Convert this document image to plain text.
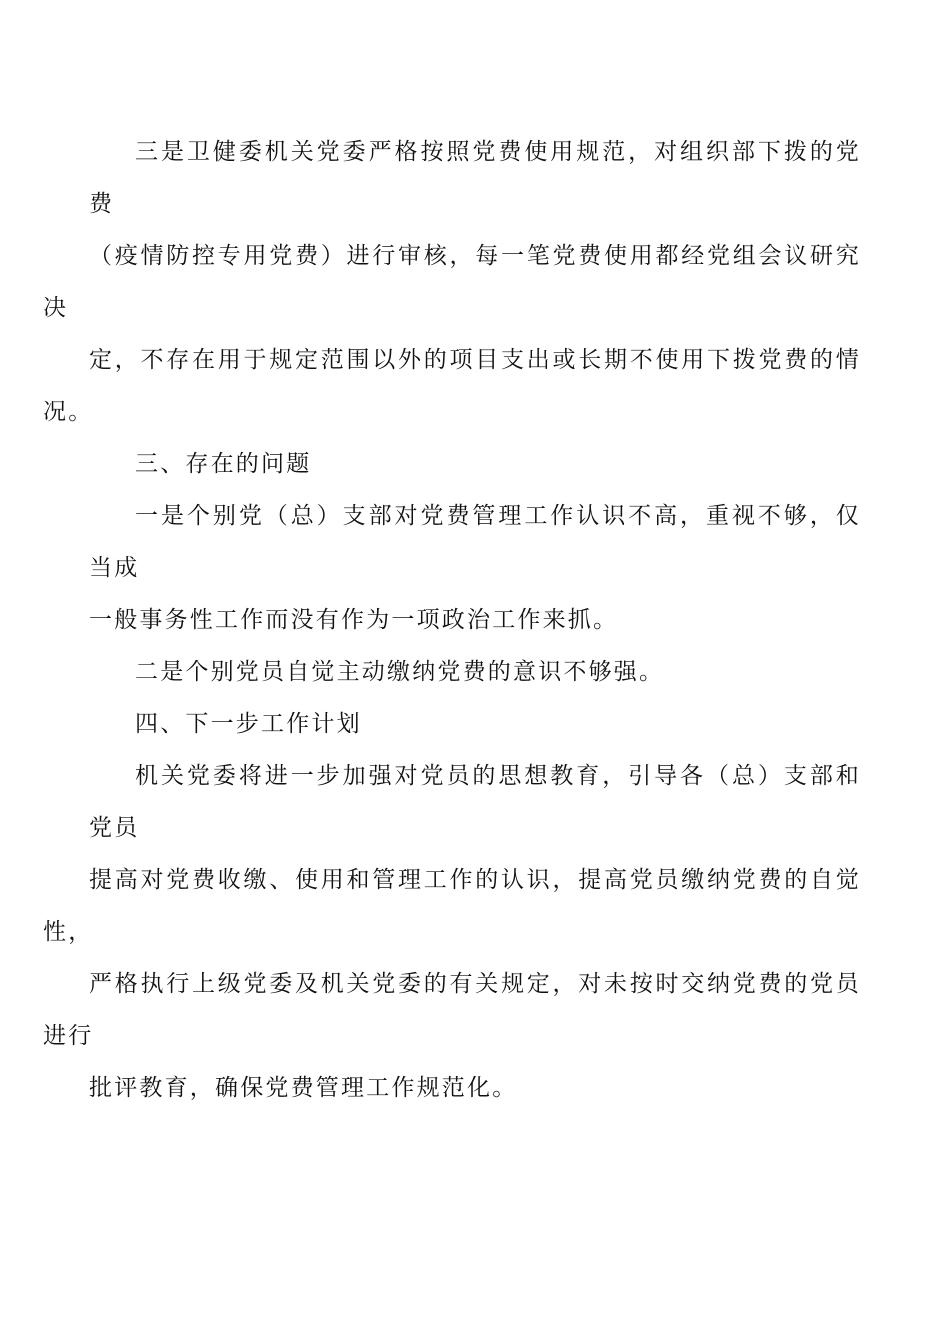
三是卫健委机关党委严格按照党费使用规范，对组织部下拨的党费
（疫情防控专用党费）进行审核，每一笔党费使用都经党组会议研究决
定，不存在用于规定范围以外的项目支出或长期不使用下拨党费的情况。

三、存在的问题

一是个别党（总）支部对党费管理工作认识不高，重视不够，仅当成
一般事务性工作而没有作为一项政治工作来抓。

二是个别党员自觉主动缴纳党费的意识不够强。

四、下一步工作计划

机关党委将进一步加强对党员的思想教育，引导各（总）支部和党员
提高对党费收缴、使用和管理工作的认识，提高党员缴纳党费的自觉性，
严格执行上级党委及机关党委的有关规定，对未按时交纳党费的党员进行
批评教育，确保党费管理工作规范化。
